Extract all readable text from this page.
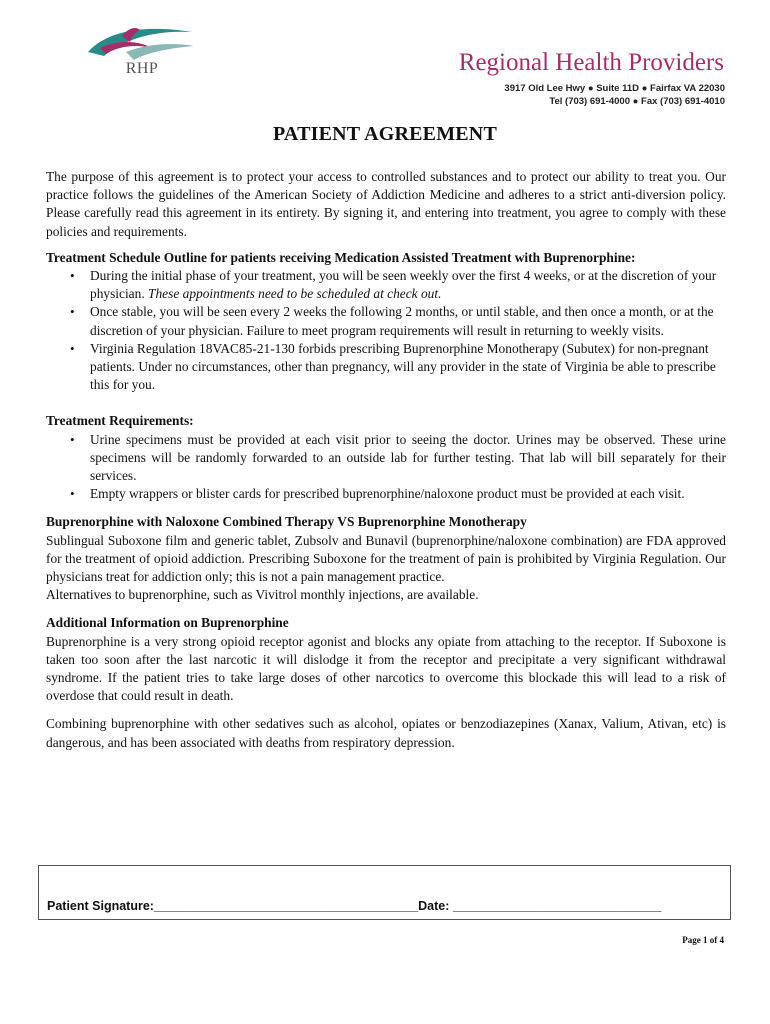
RHP	Regional Health Providers
3917 Old Lee Hwy ● Suite 11D ● Fairfax VA 22030
Tel (703) 691-4000 ● Fax (703) 691-4010
PATIENT AGREEMENT

The purpose of this agreement is to protect your access to controlled substances and to protect our ability to treat you. Our practice follows the guidelines of the American Society of Addiction Medicine and adheres to a strict anti-diversion policy. Please carefully read this agreement in its entirety. By signing it, and entering into treatment, you agree to comply with these policies and requirements.

Treatment Schedule Outline for patients receiving Medication Assisted Treatment with Buprenorphine:

• During the initial phase of your treatment, you will be seen weekly over the first 4 weeks, or at the discretion of your physician. These appointments need to be scheduled at check out.
• Once stable, you will be seen every 2 weeks the following 2 months, or until stable, and then once a month, or at the discretion of your physician. Failure to meet program requirements will result in returning to weekly visits.
• Virginia Regulation 18VAC85-21-130 forbids prescribing Buprenorphine Monotherapy (Subutex) for non-pregnant patients. Under no circumstances, other than pregnancy, will any provider in the state of Virginia be able to prescribe this for you.

Treatment Requirements:

• Urine specimens must be provided at each visit prior to seeing the doctor. Urines may be observed. These urine specimens will be randomly forwarded to an outside lab for further testing. That lab will bill separately for their services.
• Empty wrappers or blister cards for prescribed buprenorphine/naloxone product must be provided at each visit.

Buprenorphine with Naloxone Combined Therapy VS Buprenorphine Monotherapy

Sublingual Suboxone film and generic tablet, Zubsolv and Bunavil (buprenorphine/naloxone combination) are FDA approved for the treatment of opioid addiction. Prescribing Suboxone for the treatment of pain is prohibited by Virginia Regulation. Our physicians treat for addiction only; this is not a pain management practice.

Alternatives to buprenorphine, such as Vivitrol monthly injections, are available.

Additional Information on Buprenorphine

Buprenorphine is a very strong opioid receptor agonist and blocks any opiate from attaching to the receptor. If Suboxone is taken too soon after the last narcotic it will dislodge it from the receptor and precipitate a very significant withdrawal syndrome. If the patient tries to take large doses of other narcotics to overcome this blockade this will lead to a risk of overdose that could result in death.

Combining buprenorphine with other sedatives such as alcohol, opiates or benzodiazepines (Xanax, Valium, Ativan, etc) is dangerous, and has been associated with deaths from respiratory depression.

Patient Signature:______________________________________Date: ______________________________
Page 1 of 4
